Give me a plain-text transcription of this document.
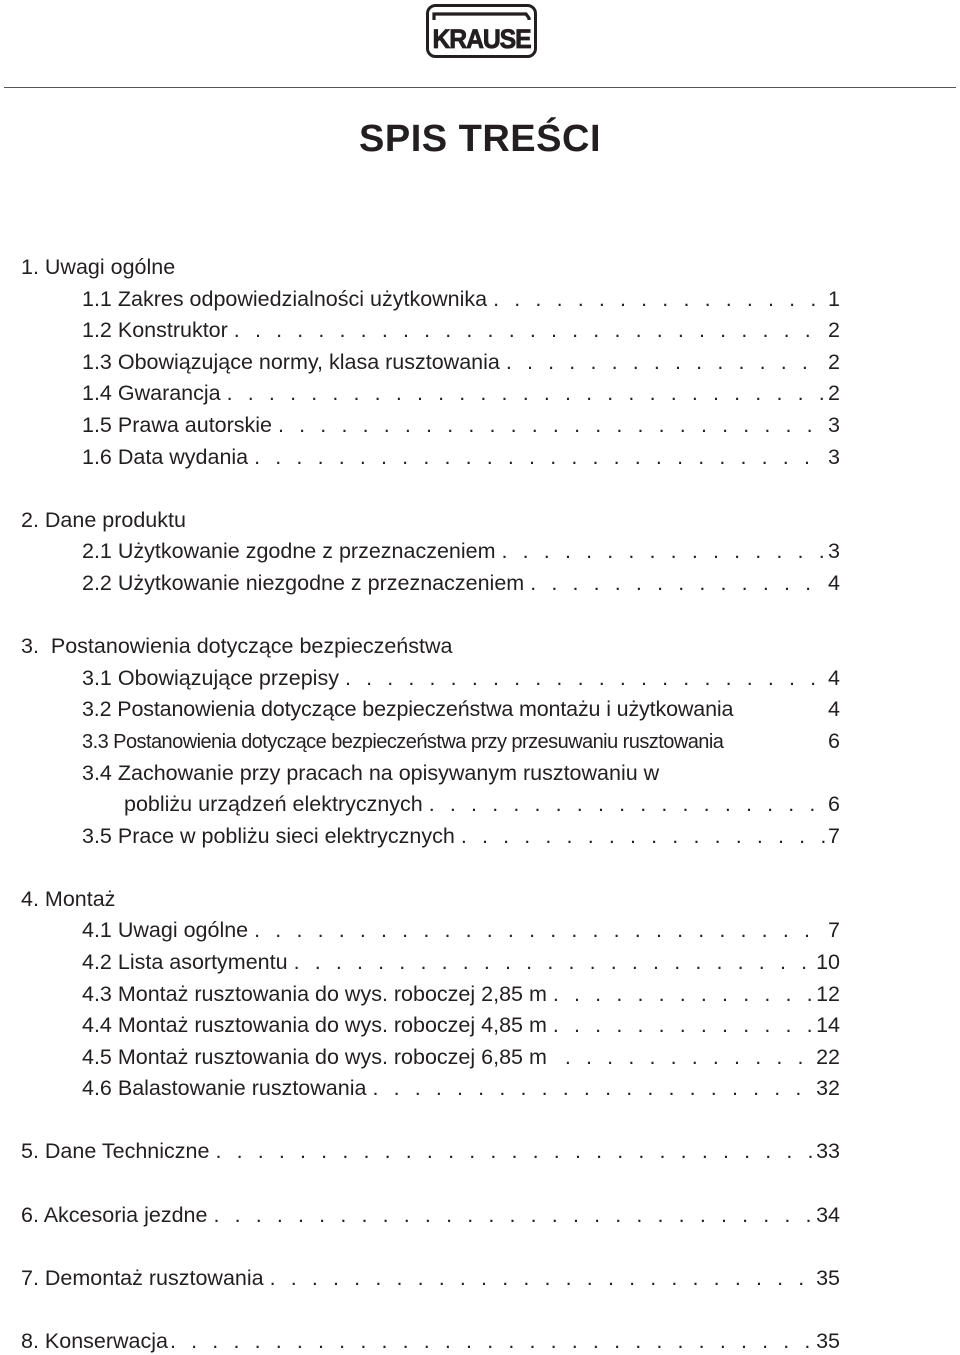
KRAUSE
SPIS TREŚCI
1. Uwagi ogólne
1.1 Zakres odpowiedzialności użytkownika . . .	1
1.2 Konstruktor . . .	2
1.3 Obowiązujące normy, klasa rusztowania . . .	2
1.4 Gwarancja . . .	2
1.5 Prawa autorskie . . .	3
1.6 Data wydania . . .	3
2. Dane produktu
2.1 Użytkowanie zgodne z przeznaczeniem . . .	3
2.2 Użytkowanie niezgodne z przeznaczeniem . . .	4
3.  Postanowienia dotyczące bezpieczeństwa
3.1 Obowiązujące przepisy . . .	4
3.2 Postanowienia dotyczące bezpieczeństwa montażu i użytkowania	4
3.3 Postanowienia dotyczące bezpieczeństwa przy przesuwaniu rusztowania	6
3.4 Zachowanie przy pracach na opisywanym rusztowaniu w
pobliżu urządzeń elektrycznych . . .	6
3.5 Prace w pobliżu sieci elektrycznych . . .	7
4. Montaż
4.1 Uwagi ogólne . . .	7
4.2 Lista asortymentu . . .	10
4.3 Montaż rusztowania do wys. roboczej 2,85 m . . .	12
4.4 Montaż rusztowania do wys. roboczej 4,85 m . . .	14
4.5 Montaż rusztowania do wys. roboczej 6,85 m . . .	22
4.6 Balastowanie rusztowania . . .	32
5. Dane Techniczne . . .	33
6. Akcesoria jezdne . . .	34
7. Demontaż rusztowania . . .	35
8. Konserwacja . . .	35
